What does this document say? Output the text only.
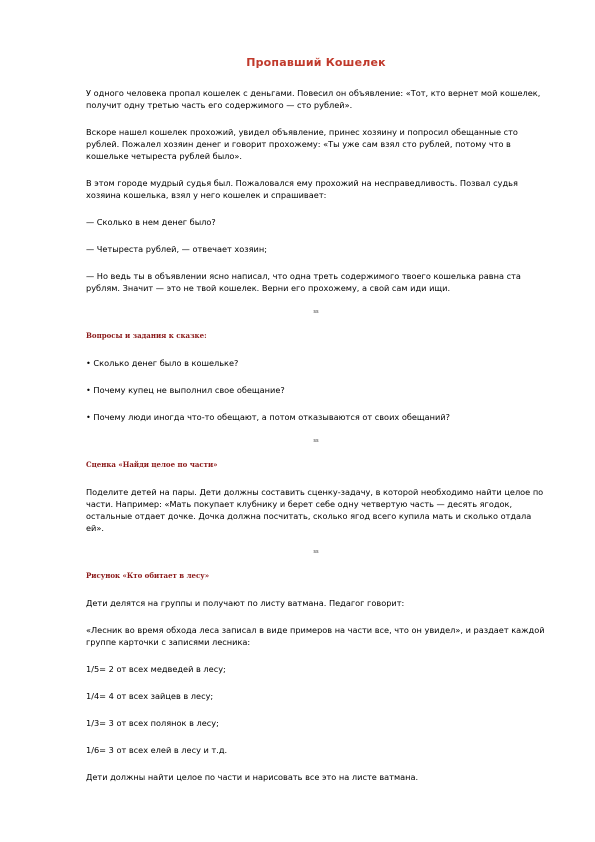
Пропавший Кошелек

У одного человека пропал кошелек с деньгами. Повесил он объявление: «Тот, кто вернет мой кошелек, получит одну третью часть его содержимого — сто рублей».

Вскоре нашел кошелек прохожий, увидел объявление, принес хозяину и попросил обещанные сто рублей. Пожалел хозяин денег и говорит прохожему: «Ты уже сам взял сто рублей, потому что в кошельке четыреста рублей было».

В этом городе мудрый судья был. Пожаловался ему прохожий на несправедливость. Позвал судья хозяина кошелька, взял у него кошелек и спрашивает:

— Сколько в нем денег было?

— Четыреста рублей, — отвечает хозяин;

— Но ведь ты в объявлении ясно написал, что одна треть содержимого твоего кошелька равна ста рублям. Значит — это не твой кошелек. Верни его прохожему, а свой сам иди ищи.

ss
Вопросы и задания к сказке:

• Сколько денег было в кошельке?

• Почему купец не выполнил свое обещание?

• Почему люди иногда что-то обещают, а потом отказываются от своих обещаний?

ss
Сценка «Найди целое по части»

Поделите детей на пары. Дети должны составить сценку-задачу, в которой необходимо найти целое по части. Например: «Мать покупает клубнику и берет себе одну четвертую часть — десять ягодок, остальные отдает дочке. Дочка должна посчитать, сколько ягод всего купила мать и сколько отдала ей».

ss
Рисунок «Кто обитает в лесу»

Дети делятся на группы и получают по листу ватмана. Педагог говорит:

«Лесник во время обхода леса записал в виде примеров на части все, что он увидел», и раздает каждой группе карточки с записями лесника:

1/5= 2 от всех медведей в лесу;

1/4= 4 от всех зайцев в лесу;

1/3= 3 от всех полянок в лесу;

1/6= 3 от всех елей в лесу и т.д.

Дети должны найти целое по части и нарисовать все это на листе ватмана.
